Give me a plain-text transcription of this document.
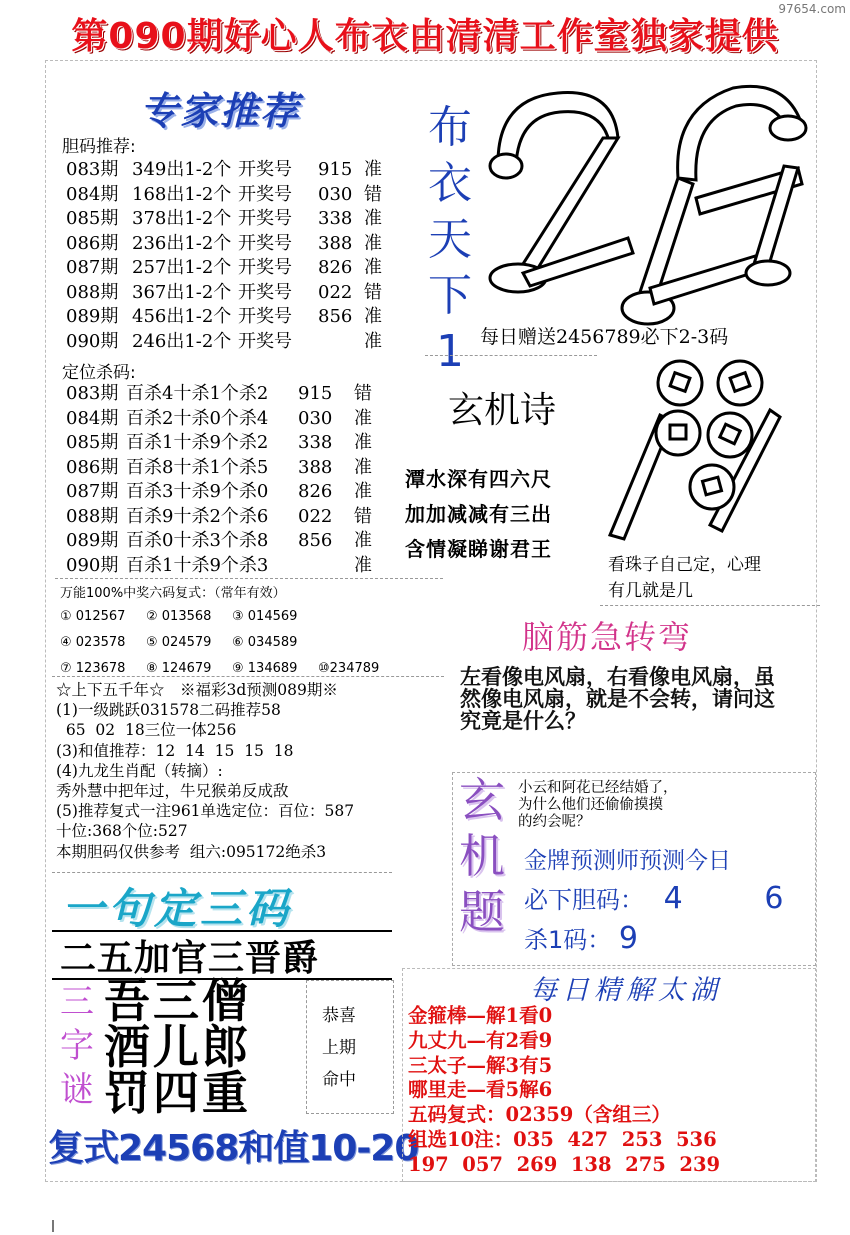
97654.com
第090期好心人布衣由清清工作室独家提供
专家推荐
胆码推荐:
083期 349出1-2个 开奖号 915 准
084期 168出1-2个 开奖号 030 错
085期 378出1-2个 开奖号 338 准
086期 236出1-2个 开奖号 388 准
087期 257出1-2个 开奖号 826 准
088期 367出1-2个 开奖号 022 错
089期 456出1-2个 开奖号 856 准
090期 246出1-2个 开奖号	准
定位杀码:
083期 百杀4十杀1个杀2 915 错
084期 百杀2十杀0个杀4 030 准
085期 百杀1十杀9个杀2 338 准
086期 百杀8十杀1个杀5 388 准
087期 百杀3十杀9个杀0 826 准
088期 百杀9十杀2个杀6 022 错
089期 百杀0十杀3个杀8 856 准
090期 百杀1十杀9个杀3	准
万能100%中奖六码复式：（常年有效）
① 012567 ② 013568 ③ 014569
④ 023578 ⑤ 024579 ⑥ 034589
⑦ 123678 ⑧ 124679 ⑨ 134689 ⑩234789
☆上下五千年☆　※福彩3d预测089期※
(1)一级跳跃031578二码推荐58
65  02  18三位一体256
(3)和值推荐：12  14  15  15  18
(4)九龙生肖配（转摘）:
秀外慧中把年过，牛兄猴弟反成敌
(5)推荐复式一注961单选定位：百位：587
十位:368个位:527
本期胆码仅供参考  组六:095172绝杀3
布
衣
天
下
1 每日赠送2456789必下2-3码
玄机诗
潭水深有四六尺
加加减减有三出
含情凝睇谢君王
看珠子自己定，心理
有几就是几
脑筋急转弯
左看像电风扇，右看像电风扇，虽然像电风扇，就是不会转，请问这究竟是什么？
玄
机
题
小云和阿花已经结婚了，
为什么他们还偷偷摸摸
的约会呢？
金牌预测师预测今日
必下胆码： 4	6
杀1码： 9
一句定三码
二五加官三晋爵
三
字
谜
吾三僧
酒儿郎
罚四重
恭喜
上期
命中
复式24568和值10-20
每日精解太湖
金箍棒—解1看0
九丈九—有2看9
三太子—解3有5
哪里走—看5解6
五码复式：02359（含组三）
组选10注：035  427  253  536
197  057  269  138  275  239
